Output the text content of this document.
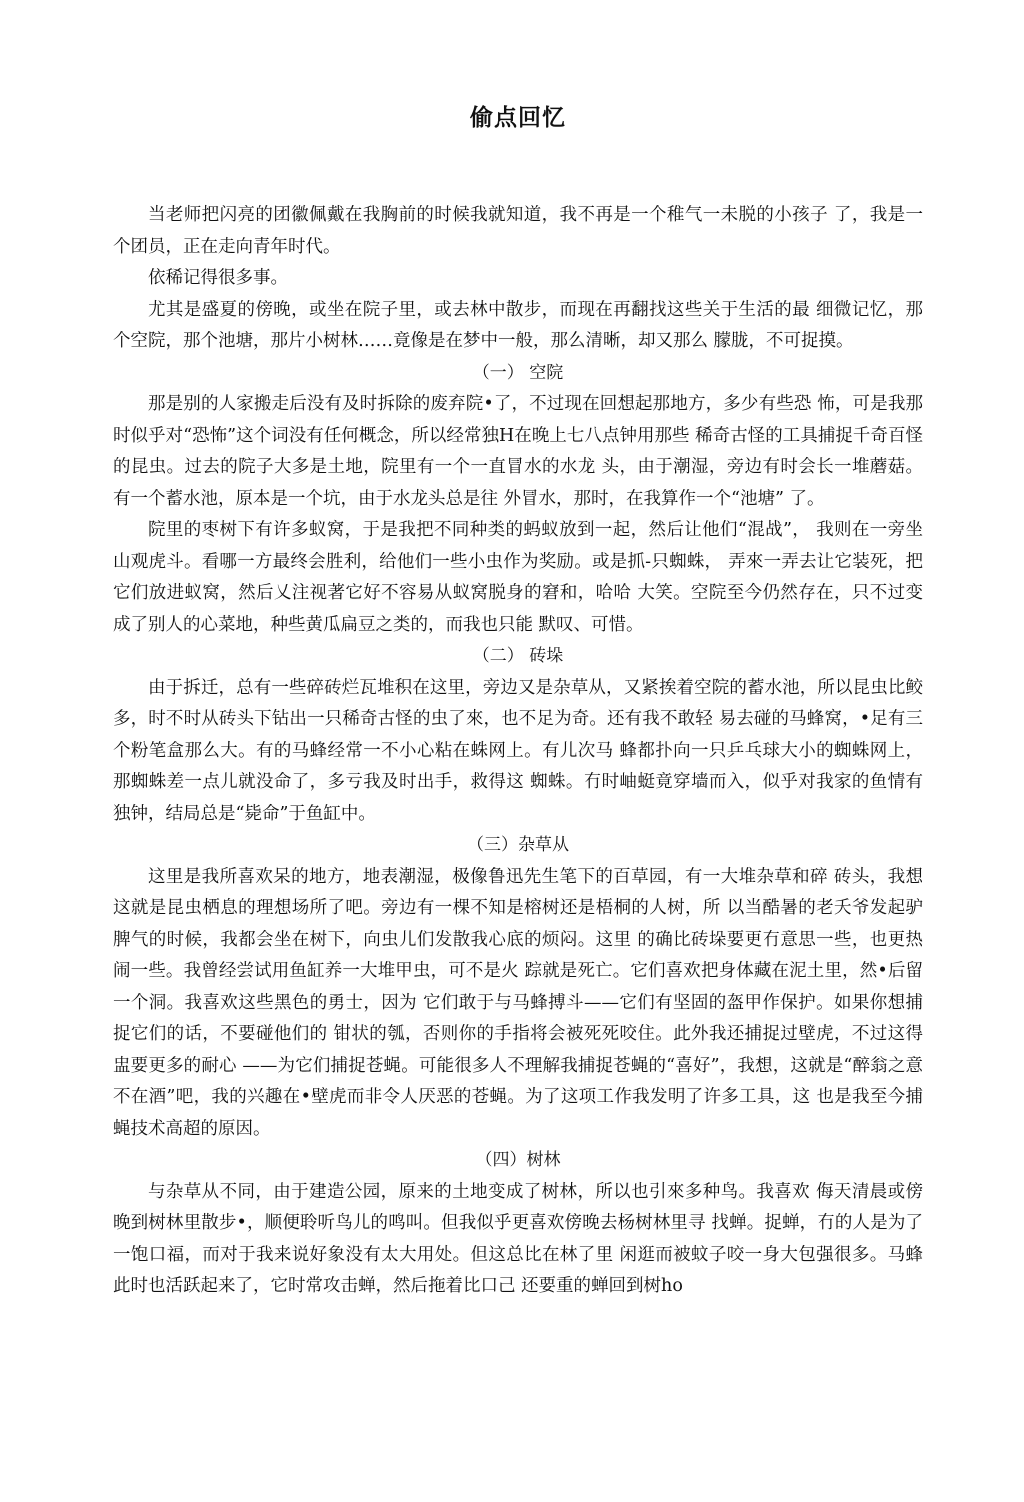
偷点回忆

当老师把闪亮的团徽佩戴在我胸前的时候我就知道，我不再是一个稚气一未脱的小孩子 了，我是一个团员，正在走向青年时代。

依稀记得很多事。

尤其是盛夏的傍晚，或坐在院子里，或去林中散步，而现在再翻找这些关于生活的最 细微记忆，那个空院，那个池塘，那片小树林……竟像是在梦中一般，那么清晰，却又那么 朦胧，不可捉摸。

（一） 空院

那是别的人家搬走后没有及时拆除的废弃院•了，不过现在回想起那地方，多少有些恐 怖，可是我那时似乎对“恐怖”这个词没有任何概念，所以经常独H在晚上七八点钟用那些 稀奇古怪的工具捕捉千奇百怪的昆虫。过去的院子大多是土地，院里有一个一直冒水的水龙 头，由于潮湿，旁边有时会长一堆蘑菇。有一个蓄水池，原本是一个坑，由于水龙头总是往 外冒水，那时，在我算作一个“池塘” 了。

院里的枣树下有许多蚁窝，于是我把不同种类的蚂蚁放到一起，然后让他们“混战”， 我则在一旁坐山观虎斗。看哪一方最终会胜利，给他们一些小虫作为奖励。或是抓-只蜘蛛， 弄來一弄去让它装死，把它们放进蚁窝，然后乂注视著它好不容易从蚁窝脱身的窘和，哈哈 大笑。空院至今仍然存在，只不过变成了别人的心菜地，种些黄瓜扁豆之类的，而我也只能 默叹、可惜。

（二） 砖垛

由于拆迁，总有一些碎砖烂瓦堆积在这里，旁边又是杂草从，又紧挨着空院的蓄水池，所以昆虫比鲛多，时不时从砖头下钻出一只稀奇古怪的虫了來，也不足为奇。还有我不敢轻 易去碰的马蜂窝，•足有三个粉笔盒那么大。有的马蜂经常一不小心粘在蛛网上。有儿次马 蜂都扑向一只乒乓球大小的蜘蛛网上，那蜘蛛差一点儿就没命了，多亏我及时出手，救得这 蜘蛛。冇时岫蜓竟穿墙而入，似乎对我家的鱼情有独钟，结局总是“毙命”于鱼缸中。

（三）杂草从

这里是我所喜欢呆的地方，地表潮湿，极像鲁迅先生笔下的百草园，有一大堆杂草和碎 砖头，我想这就是昆虫栖息的理想场所了吧。旁边有一棵不知是榕树还是梧桐的人树，所 以当酷暑的老夭爷发起驴脾气的时候，我都会坐在树下，向虫儿们发散我心底的烦闷。这里 的确比砖垛要更冇意思一些，也更热闹一些。我曾经尝试用鱼缸养一大堆甲虫，可不是火 踪就是死亡。它们喜欢把身体藏在泥土里，然•后留一个洞。我喜欢这些黑色的勇士，因为 它们敢于与马蜂搏斗——它们有坚固的盔甲作保护。如果你想捕捉它们的话，不要碰他们的 钳状的瓠，否则你的手指将会被死死咬住。此外我还捕捉过壁虎，不过这得盅要更多的耐心 ——为它们捕捉苍蝇。可能很多人不理解我捕捉苍蝇的“喜好”，我想，这就是“醉翁之意 不在酒”吧，我的兴趣在•壁虎而非令人厌恶的苍蝇。为了这项工作我发明了许多工具，这 也是我至今捕蝇技术高超的原因。

（四）树林

与杂草从不同，由于建造公园，原来的土地变成了树林，所以也引來多种鸟。我喜欢 侮天清晨或傍晚到树林里散步•，顺便聆听鸟儿的鸣叫。但我似乎更喜欢傍晚去杨树林里寻 找蝉。捉蝉，冇的人是为了一饱口福，而对于我来说好象没有太大用处。但这总比在林了里 闲逛而被蚊子咬一身大包强很多。马蜂此时也活跃起来了，它时常攻击蝉，然后拖着比口己 还要重的蝉回到树ho
